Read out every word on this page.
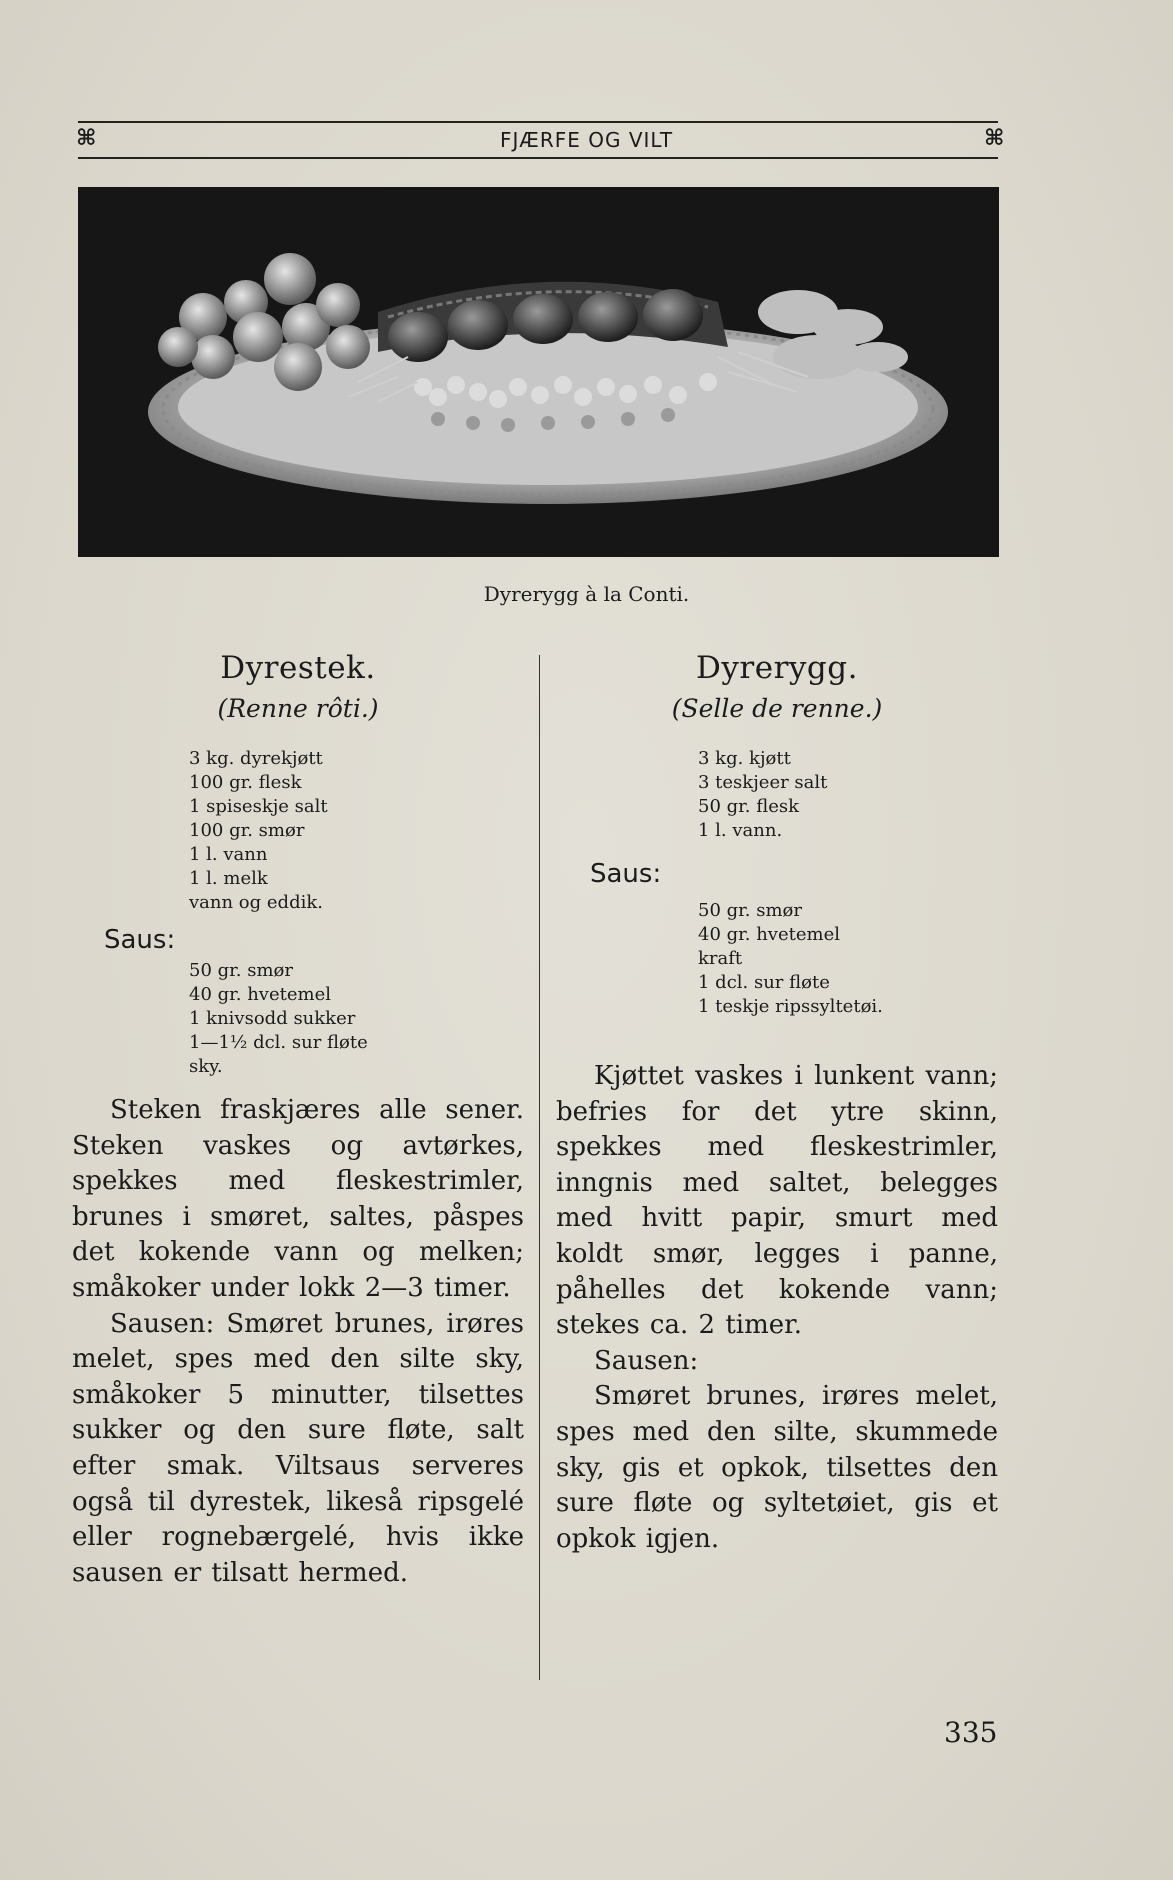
⌘	FJÆRFE OG VILT	⌘
Dyrerygg à la Conti.
Dyrestek.
(Renne rôti.)
3 kg. dyrekjøtt
100 gr. flesk
1 spiseskje salt
100 gr. smør
1 l. vann
1 l. melk
vann og eddik.
Saus:
50 gr. smør
40 gr. hvetemel
1 knivsodd sukker
1—1½ dcl. sur fløte
sky.

Steken fraskjæres alle sener. Steken vaskes og avtørkes, spekkes med fleskestrimler, brunes i smøret, saltes, påspes det kokende vann og melken; småkoker under lokk 2—3 timer.

Sausen: Smøret brunes, irøres melet, spes med den silte sky, småkoker 5 minutter, tilsettes sukker og den sure fløte, salt efter smak. Viltsaus serveres også til dyrestek, likeså ripsgelé eller rognebærgelé, hvis ikke sausen er tilsatt hermed.

Dyrerygg.
(Selle de renne.)
3 kg. kjøtt
3 teskjeer salt
50 gr. flesk
1 l. vann.
Saus:
50 gr. smør
40 gr. hvetemel
kraft
1 dcl. sur fløte
1 teskje ripssyltetøi.

Kjøttet vaskes i lunkent vann; befries for det ytre skinn, spekkes med fleskestrimler, inngnis med saltet, belegges med hvitt papir, smurt med koldt smør, legges i panne, påhelles det kokende vann; stekes ca. 2 timer.

Sausen:

Smøret brunes, irøres melet, spes med den silte, skummede sky, gis et opkok, tilsettes den sure fløte og syltetøiet, gis et opkok igjen.

335
